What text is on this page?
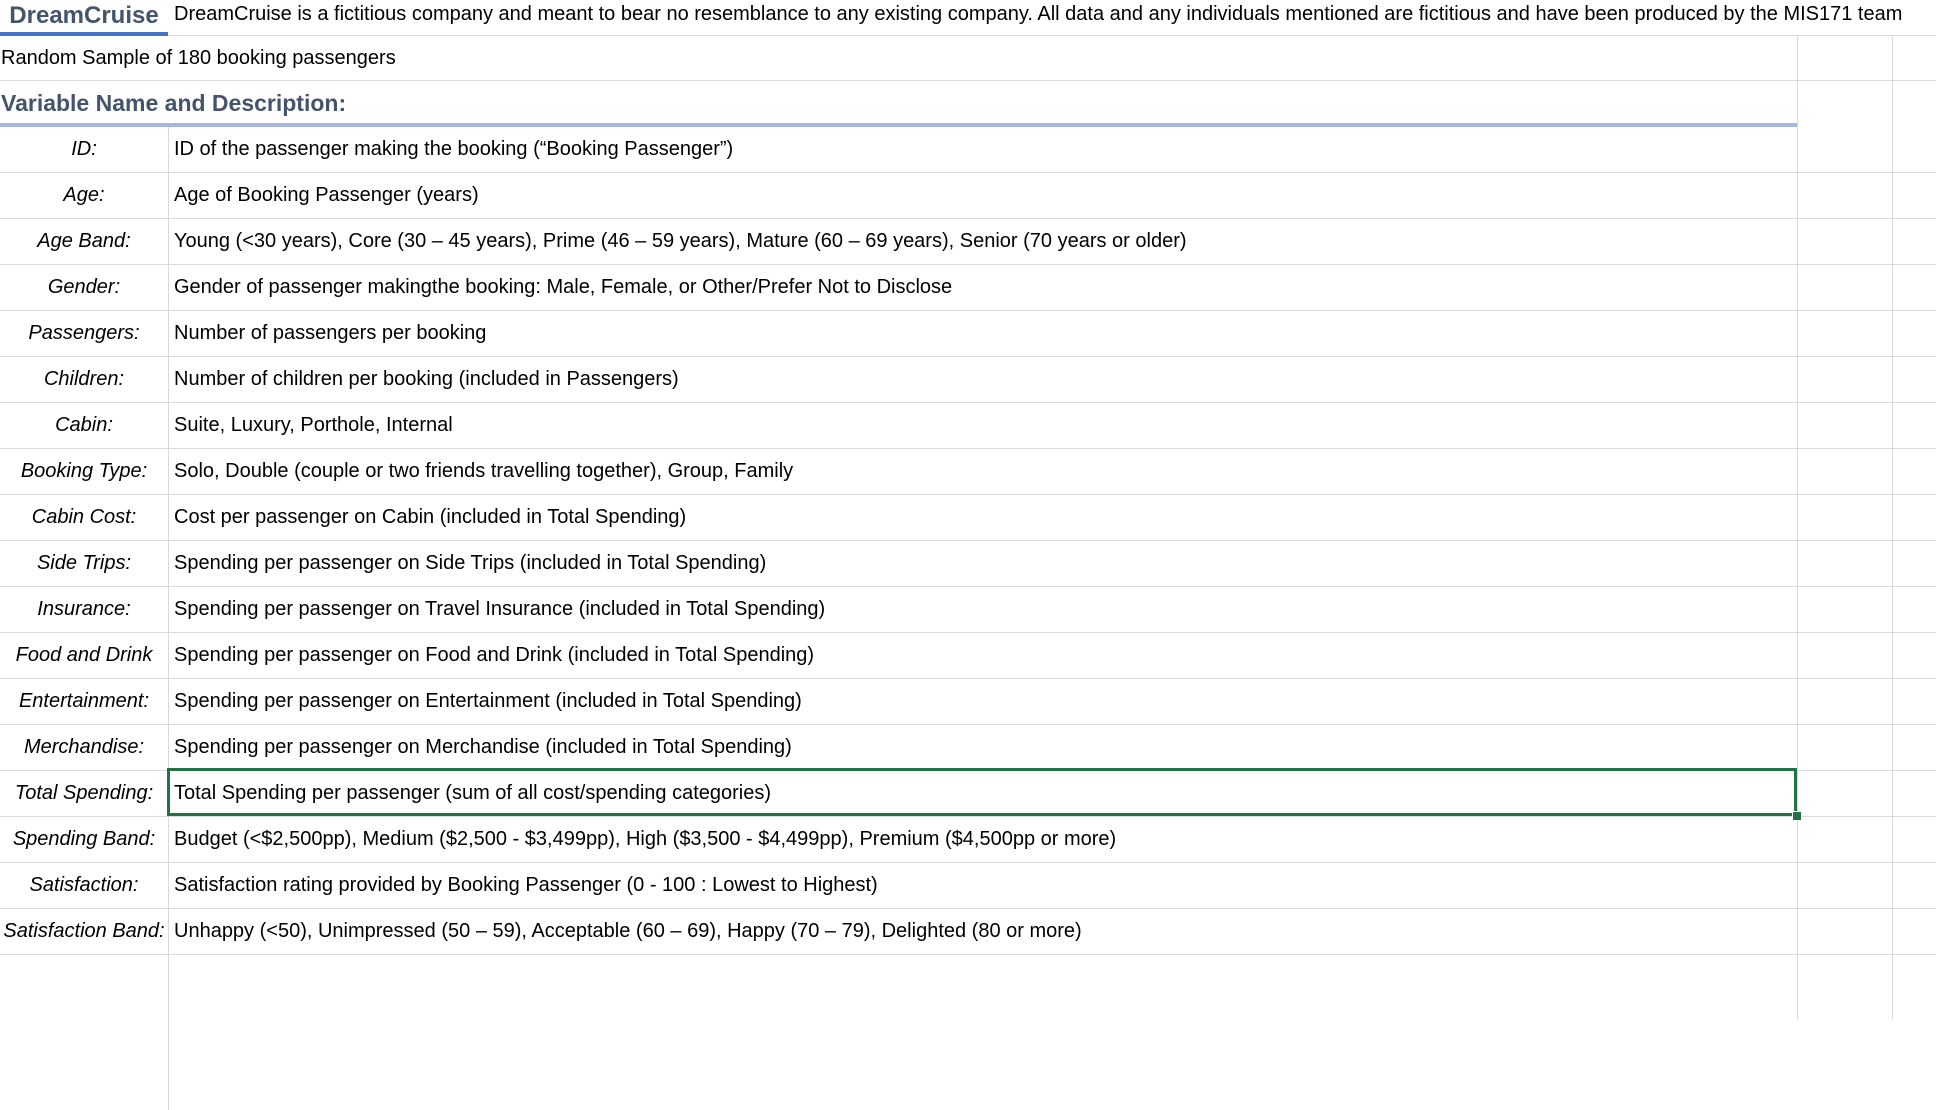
DreamCruise DreamCruise is a fictitious company and meant to bear no resemblance to any existing company. All data and any individuals mentioned are fictitious and have been produced by the MIS171 team
Random Sample of 180 booking passengers
Variable Name and Description:
ID:	ID of the passenger making the booking (“Booking Passenger”)
Age:	Age of Booking Passenger (years)
Age Band:	Young (<30 years), Core (30 – 45 years), Prime (46 – 59 years), Mature (60 – 69 years), Senior (70 years or older)
Gender:	Gender of passenger makingthe booking: Male, Female, or Other/Prefer Not to Disclose
Passengers:	Number of passengers per booking
Children:	Number of children per booking (included in Passengers)
Cabin:	Suite, Luxury, Porthole, Internal
Booking Type:	Solo, Double (couple or two friends travelling together), Group, Family
Cabin Cost:	Cost per passenger on Cabin (included in Total Spending)
Side Trips:	Spending per passenger on Side Trips (included in Total Spending)
Insurance:	Spending per passenger on Travel Insurance (included in Total Spending)
Food and Drink	Spending per passenger on Food and Drink (included in Total Spending)
Entertainment:	Spending per passenger on Entertainment (included in Total Spending)
Merchandise:	Spending per passenger on Merchandise (included in Total Spending)
Total Spending:	Total Spending per passenger (sum of all cost/spending categories)
Spending Band: Budget (<$2,500pp), Medium ($2,500 - $3,499pp), High ($3,500 - $4,499pp), Premium ($4,500pp or more)
Satisfaction:	Satisfaction rating provided by Booking Passenger (0 - 100 : Lowest to Highest)
Satisfaction Band: Unhappy (<50), Unimpressed (50 – 59), Acceptable (60 – 69), Happy (70 – 79), Delighted (80 or more)
